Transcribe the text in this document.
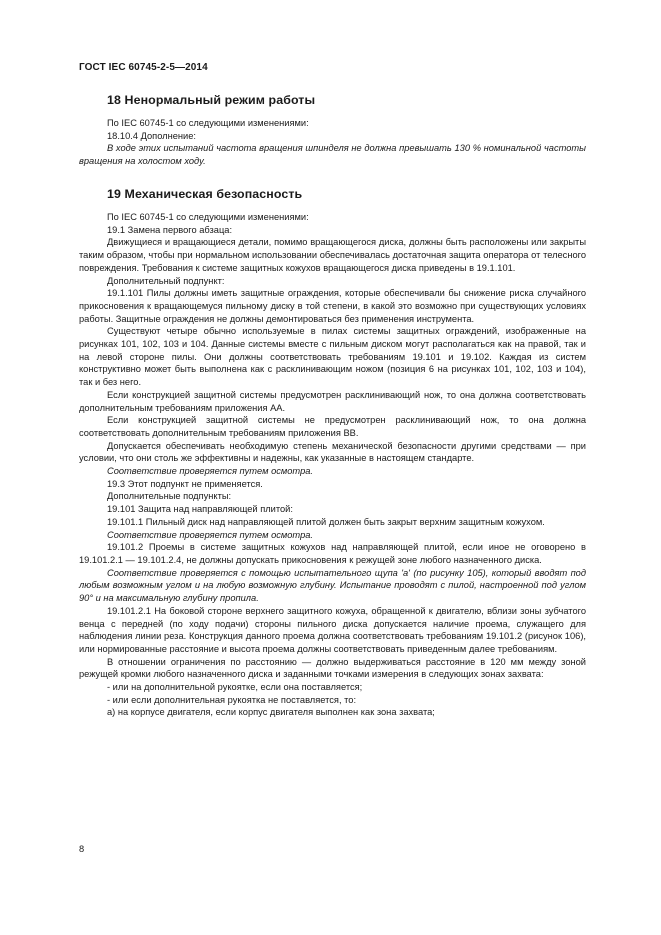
ГОСТ IEC 60745-2-5—2014
18 Ненормальный режим работы

По IEC 60745-1 со следующими изменениями:

18.10.4 Дополнение:

В ходе этих испытаний частота вращения шпинделя не должна превышать 130 % номинальной частоты вращения на холостом ходу.

19 Механическая безопасность

По IEC 60745-1 со следующими изменениями:

19.1 Замена первого абзаца:

Движущиеся и вращающиеся детали, помимо вращающегося диска, должны быть расположены или закрыты таким образом, чтобы при нормальном использовании обеспечивалась достаточная защита оператора от телесного повреждения. Требования к системе защитных кожухов вращающегося диска приведены в 19.1.101.

Дополнительный подпункт:

19.1.101 Пилы должны иметь защитные ограждения, которые обеспечивали бы снижение риска случайного прикосновения к вращающемуся пильному диску в той степени, в какой это возможно при существующих условиях работы. Защитные ограждения не должны демонтироваться без применения инструмента.

Существуют четыре обычно используемые в пилах системы защитных ограждений, изображенные на рисунках 101, 102, 103 и 104. Данные системы вместе с пильным диском могут располагаться как на правой, так и на левой стороне пилы. Они должны соответствовать требованиям 19.101 и 19.102. Каждая из систем конструктивно может быть выполнена как с расклинивающим ножом (позиция 6 на рисунках 101, 102, 103 и 104), так и без него.

Если конструкцией защитной системы предусмотрен расклинивающий нож, то она должна соответствовать дополнительным требованиям приложения АА.

Если конструкцией защитной системы не предусмотрен расклинивающий нож, то она должна соответствовать дополнительным требованиям приложения ВВ.

Допускается обеспечивать необходимую степень механической безопасности другими средствами — при условии, что они столь же эффективны и надежны, как указанные в настоящем стандарте.

Соответствие проверяется путем осмотра.

19.3 Этот подпункт не применяется.

Дополнительные подпункты:

19.101 Защита над направляющей плитой:

19.101.1 Пильный диск над направляющей плитой должен быть закрыт верхним защитным кожухом.

Соответствие проверяется путем осмотра.

19.101.2 Проемы в системе защитных кожухов над направляющей плитой, если иное не оговорено в 19.101.2.1 — 19.101.2.4, не должны допускать прикосновения к режущей зоне любого назначенного диска.

Соответствие проверяется с помощью испытательного щупа 'a' (по рисунку 105), который вводят под любым возможным углом и на любую возможную глубину. Испытание проводят с пилой, настроенной под углом 90° и на максимальную глубину пропила.

19.101.2.1 На боковой стороне верхнего защитного кожуха, обращенной к двигателю, вблизи зоны зубчатого венца с передней (по ходу подачи) стороны пильного диска допускается наличие проема, служащего для наблюдения линии реза. Конструкция данного проема должна соответствовать требованиям 19.101.2 (рисунок 106), или нормированные расстояние и высота проема должны соответствовать приведенным далее требованиям.

В отношении ограничения по расстоянию — должно выдерживаться расстояние в 120 мм между зоной режущей кромки любого назначенного диска и заданными точками измерения в следующих зонах захвата:

- или на дополнительной рукоятке, если она поставляется;

- или если дополнительная рукоятка не поставляется, то:

а) на корпусе двигателя, если корпус двигателя выполнен как зона захвата;

8
